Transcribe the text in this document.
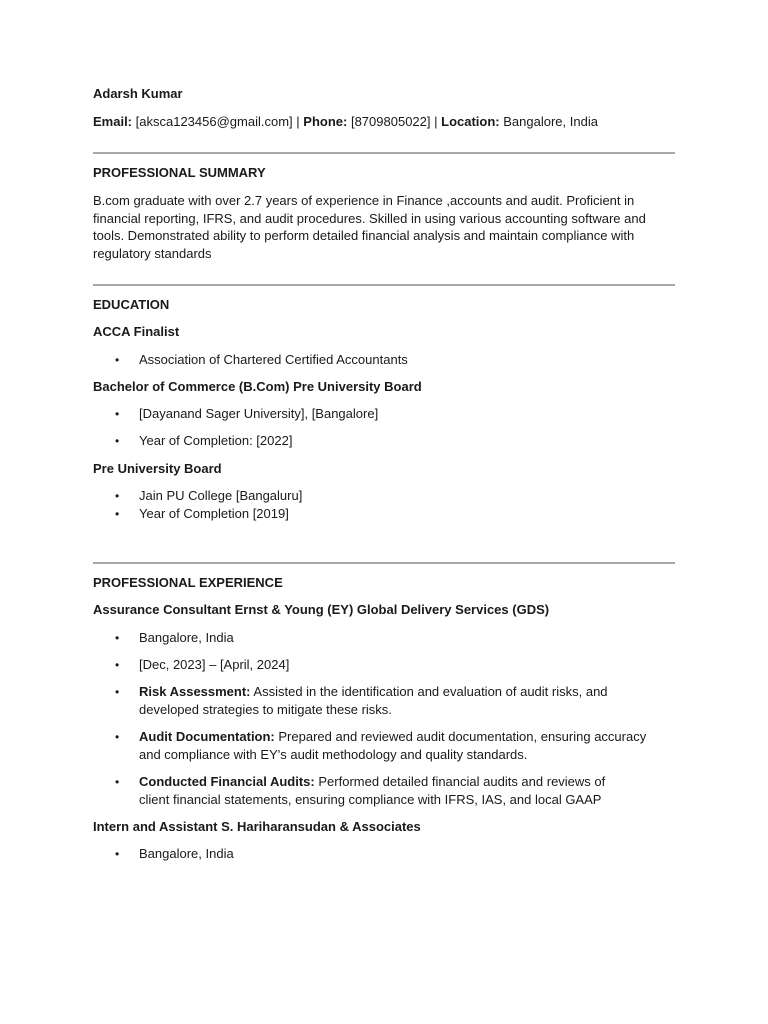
Adarsh Kumar
Email: [aksca123456@gmail.com] | Phone: [8709805022] | Location: Bangalore, India
PROFESSIONAL SUMMARY
B.com graduate with over 2.7 years of experience in Finance ,accounts and audit. Proficient in financial reporting, IFRS, and audit procedures. Skilled in using various accounting software and tools. Demonstrated ability to perform detailed financial analysis and maintain compliance with regulatory standards
EDUCATION
ACCA Finalist
• Association of Chartered Certified Accountants
Bachelor of Commerce (B.Com) Pre University Board
• [Dayanand Sager University], [Bangalore]
• Year of Completion: [2022]
Pre University Board
• Jain PU College [Bangaluru]
• Year of Completion [2019]
PROFESSIONAL EXPERIENCE
Assurance Consultant Ernst & Young (EY) Global Delivery Services (GDS)
• Bangalore, India
• [Dec, 2023] – [April, 2024]
• Risk Assessment: Assisted in the identification and evaluation of audit risks, and developed strategies to mitigate these risks.
• Audit Documentation: Prepared and reviewed audit documentation, ensuring accuracy and compliance with EY's audit methodology and quality standards.
• Conducted Financial Audits: Performed detailed financial audits and reviews of client financial statements, ensuring compliance with IFRS, IAS, and local GAAP
Intern and Assistant S. Hariharansudan & Associates
• Bangalore, India
